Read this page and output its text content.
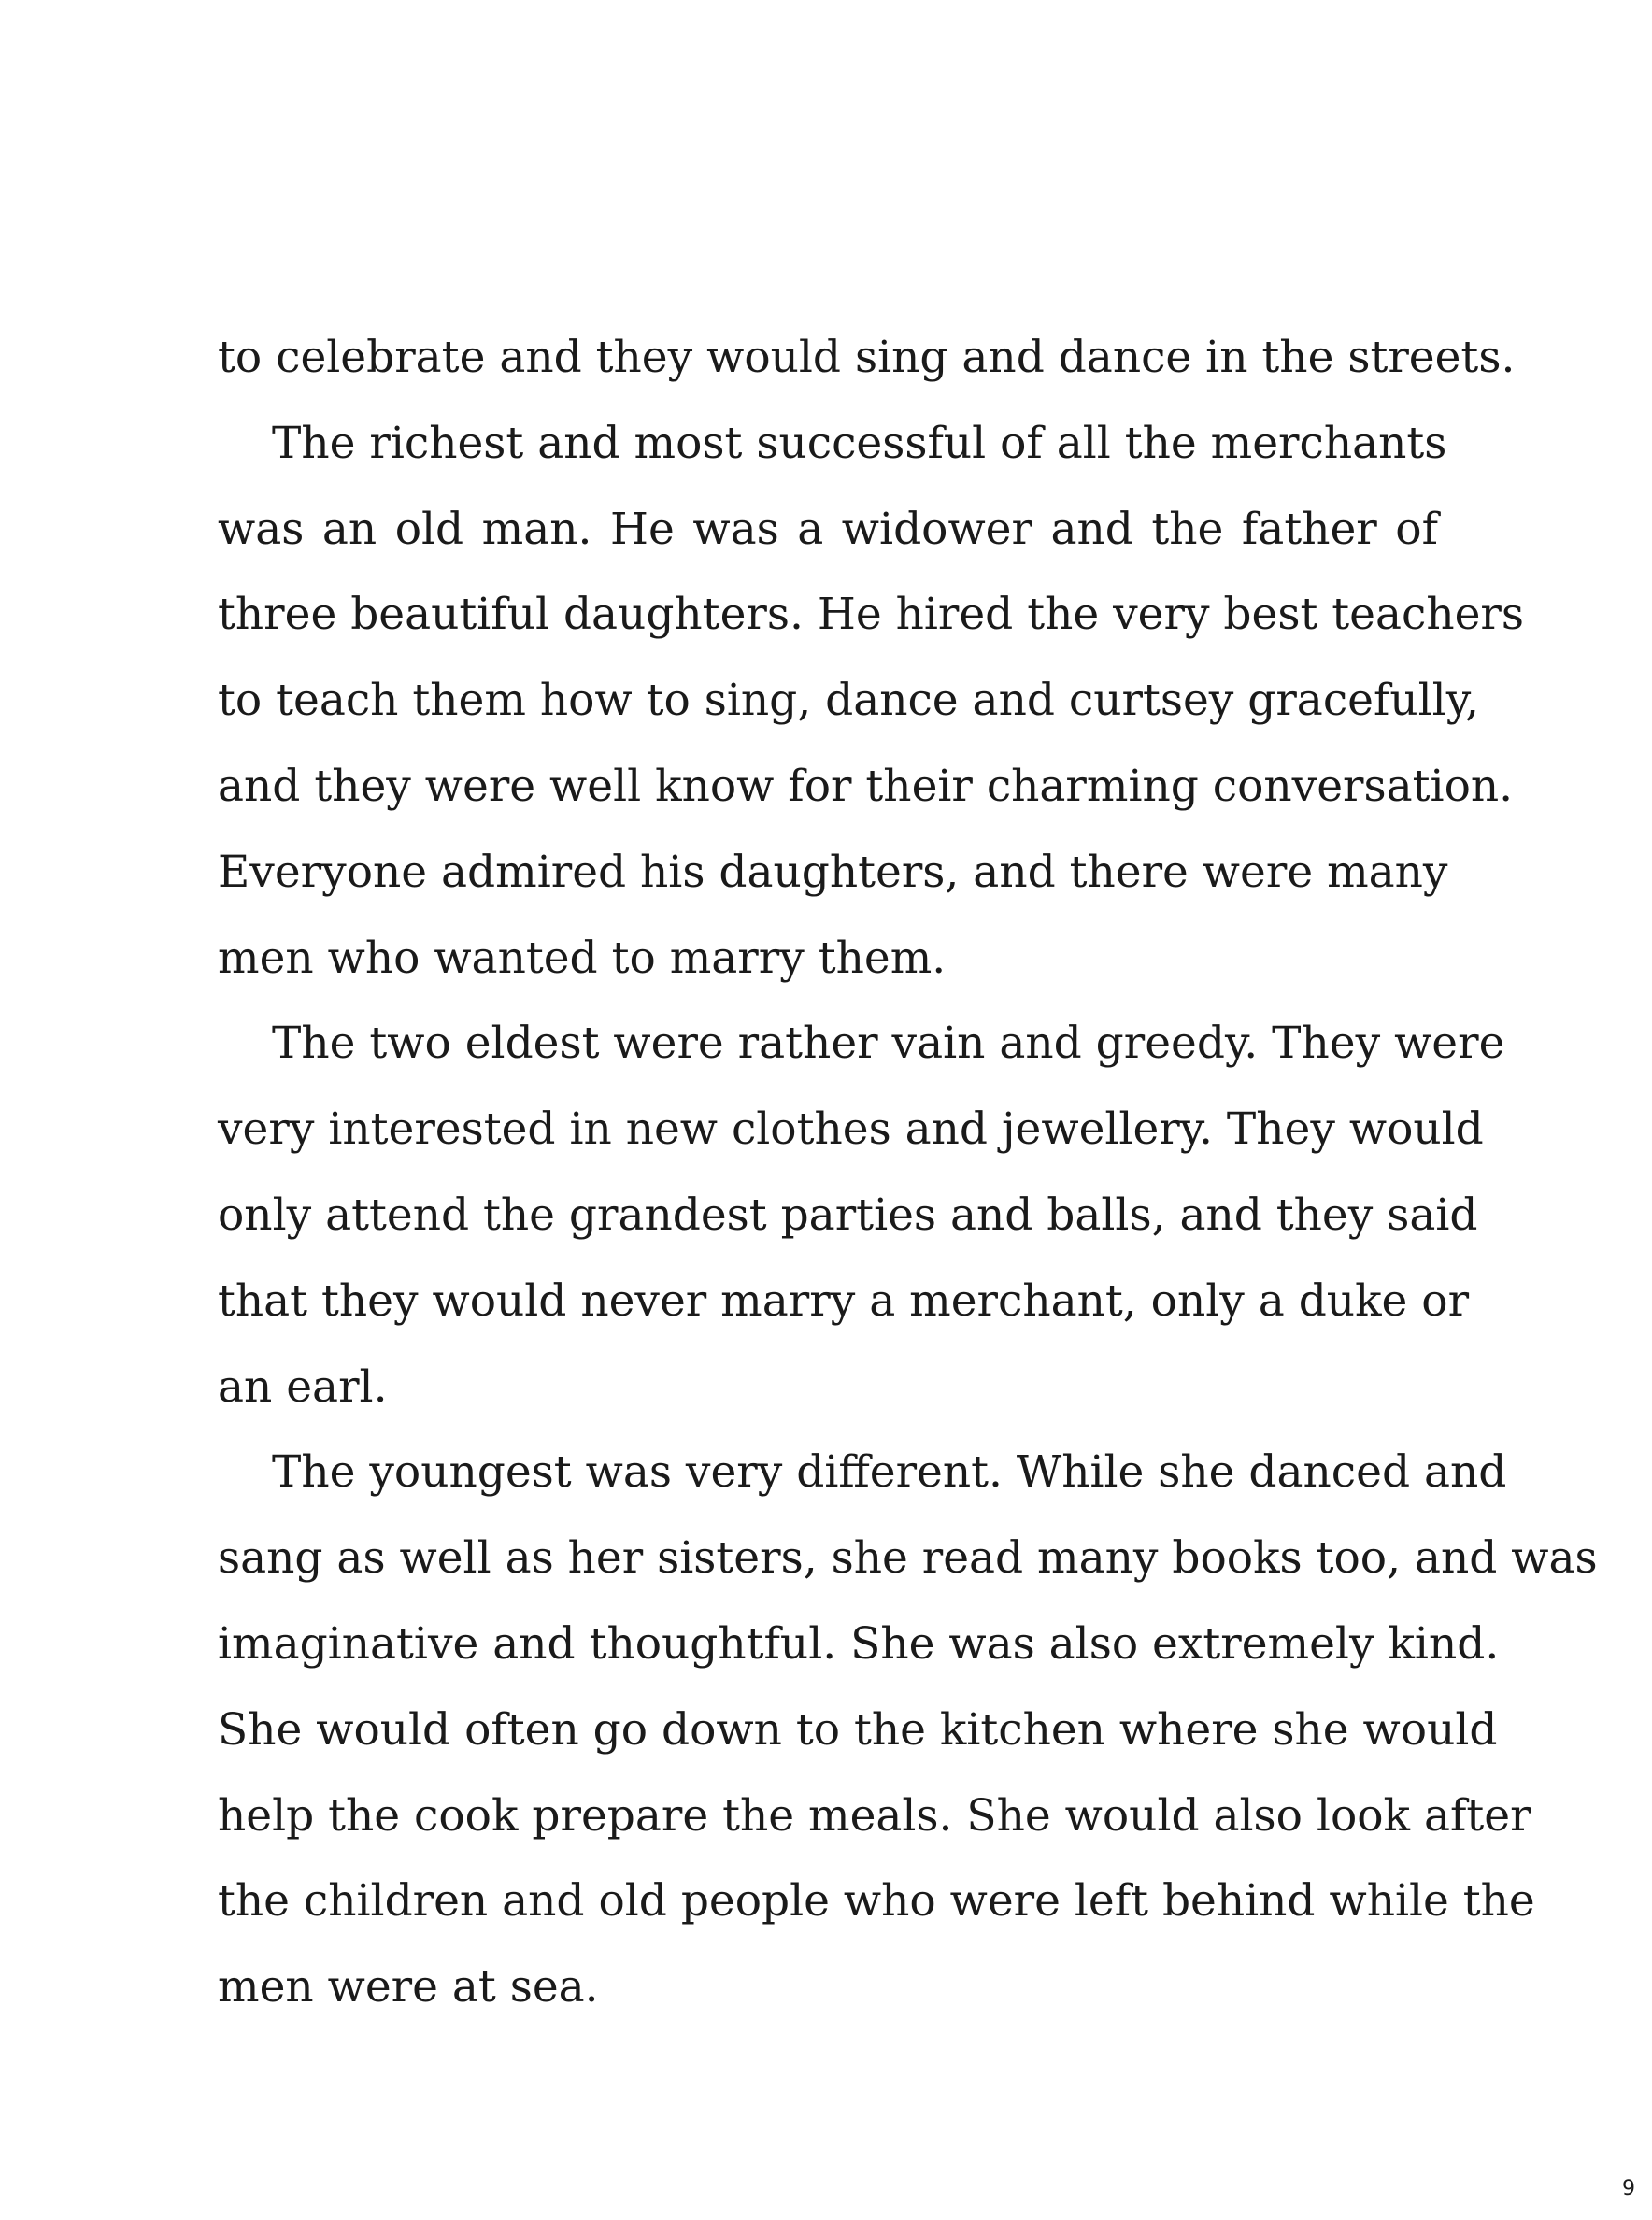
to celebrate and they would sing and dance in the streets.
The richest and most successful of all the merchants
was an old man. He was a widower and the father of
three beautiful daughters. He hired the very best teachers
to teach them how to sing, dance and curtsey gracefully,
and they were well know for their charming conversation.
Everyone admired his daughters, and there were many
men who wanted to marry them.
The two eldest were rather vain and greedy. They were
very interested in new clothes and jewellery. They would
only attend the grandest parties and balls, and they said
that they would never marry a merchant, only a duke or
an earl.
The youngest was very different. While she danced and
sang as well as her sisters, she read many books too, and was
imaginative and thoughtful. She was also extremely kind.
She would often go down to the kitchen where she would
help the cook prepare the meals. She would also look after
the children and old people who were left behind while the
men were at sea.
9
